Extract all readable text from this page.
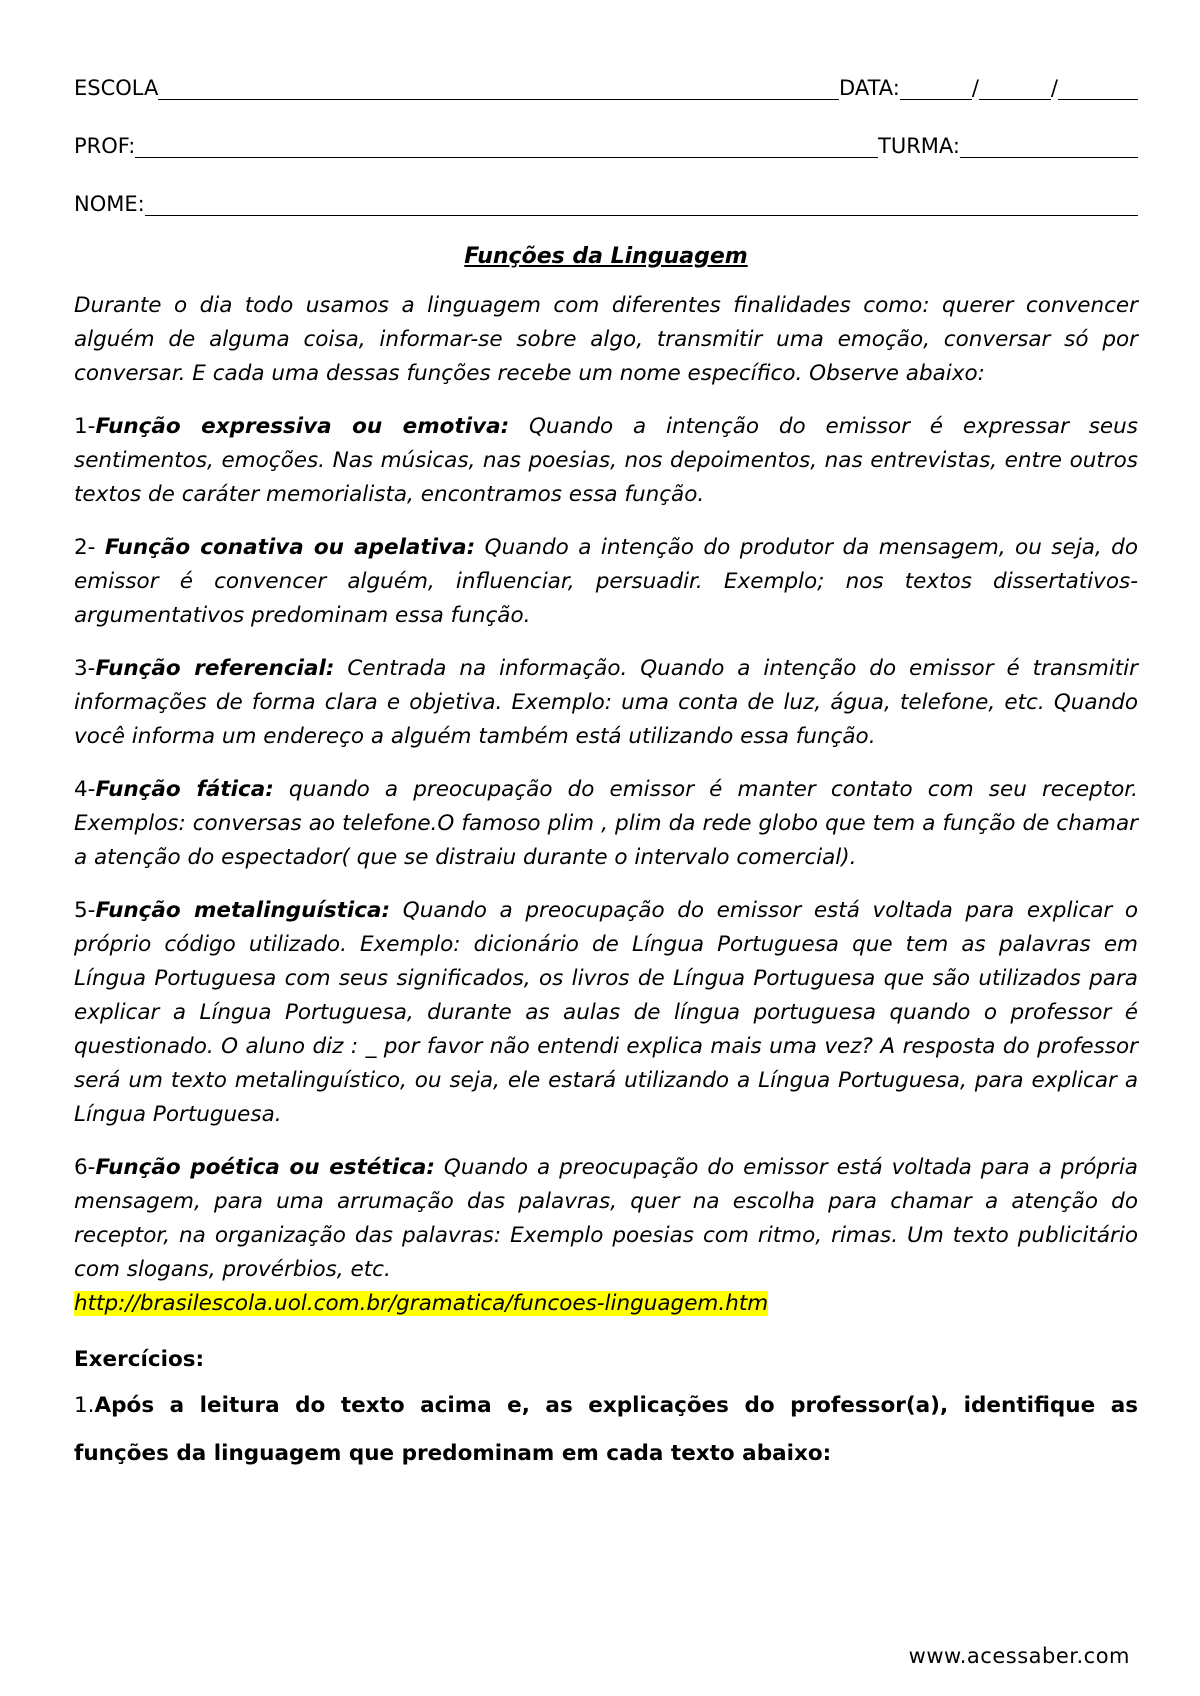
ESCOLA	DATA:	/	/
PROF:	TURMA:
NOME:
Funções da Linguagem

Durante o dia todo usamos a linguagem com diferentes finalidades como: querer convencer alguém de alguma coisa, informar-se sobre algo, transmitir uma emoção, conversar só por conversar. E cada uma dessas funções recebe um nome específico. Observe abaixo:

1-Função expressiva ou emotiva: Quando a intenção do emissor é expressar seus sentimentos, emoções. Nas músicas, nas poesias, nos depoimentos, nas entrevistas, entre outros textos de caráter memorialista, encontramos essa função.

2- Função conativa ou apelativa: Quando a intenção do produtor da mensagem, ou seja, do emissor é convencer alguém, influenciar, persuadir. Exemplo; nos textos dissertativos-argumentativos predominam essa função.

3-Função referencial: Centrada na informação. Quando a intenção do emissor é transmitir informações de forma clara e objetiva. Exemplo: uma conta de luz, água, telefone, etc. Quando você informa um endereço a alguém também está utilizando essa função.

4-Função fática: quando a preocupação do emissor é manter contato com seu receptor. Exemplos: conversas ao telefone.O famoso plim , plim da rede globo que tem a função de chamar a atenção do espectador( que se distraiu durante o intervalo comercial).

5-Função metalinguística: Quando a preocupação do emissor está voltada para explicar o próprio código utilizado. Exemplo: dicionário de Língua Portuguesa que tem as palavras em Língua Portuguesa com seus significados, os livros de Língua Portuguesa que são utilizados para explicar a Língua Portuguesa, durante as aulas de língua portuguesa quando o professor é questionado. O aluno diz : _ por favor não entendi explica mais uma vez? A resposta do professor será um texto metalinguístico, ou seja, ele estará utilizando a Língua Portuguesa, para explicar a Língua Portuguesa.

6-Função poética ou estética: Quando a preocupação do emissor está voltada para a própria mensagem, para uma arrumação das palavras, quer na escolha para chamar a atenção do receptor, na organização das palavras: Exemplo poesias com ritmo, rimas. Um texto publicitário com slogans, provérbios, etc.
http://brasilescola.uol.com.br/gramatica/funcoes-linguagem.htm

Exercícios:
1.Após a leitura do texto acima e, as explicações do professor(a), identifique as funções da linguagem que predominam em cada texto abaixo:
www.acessaber.com
